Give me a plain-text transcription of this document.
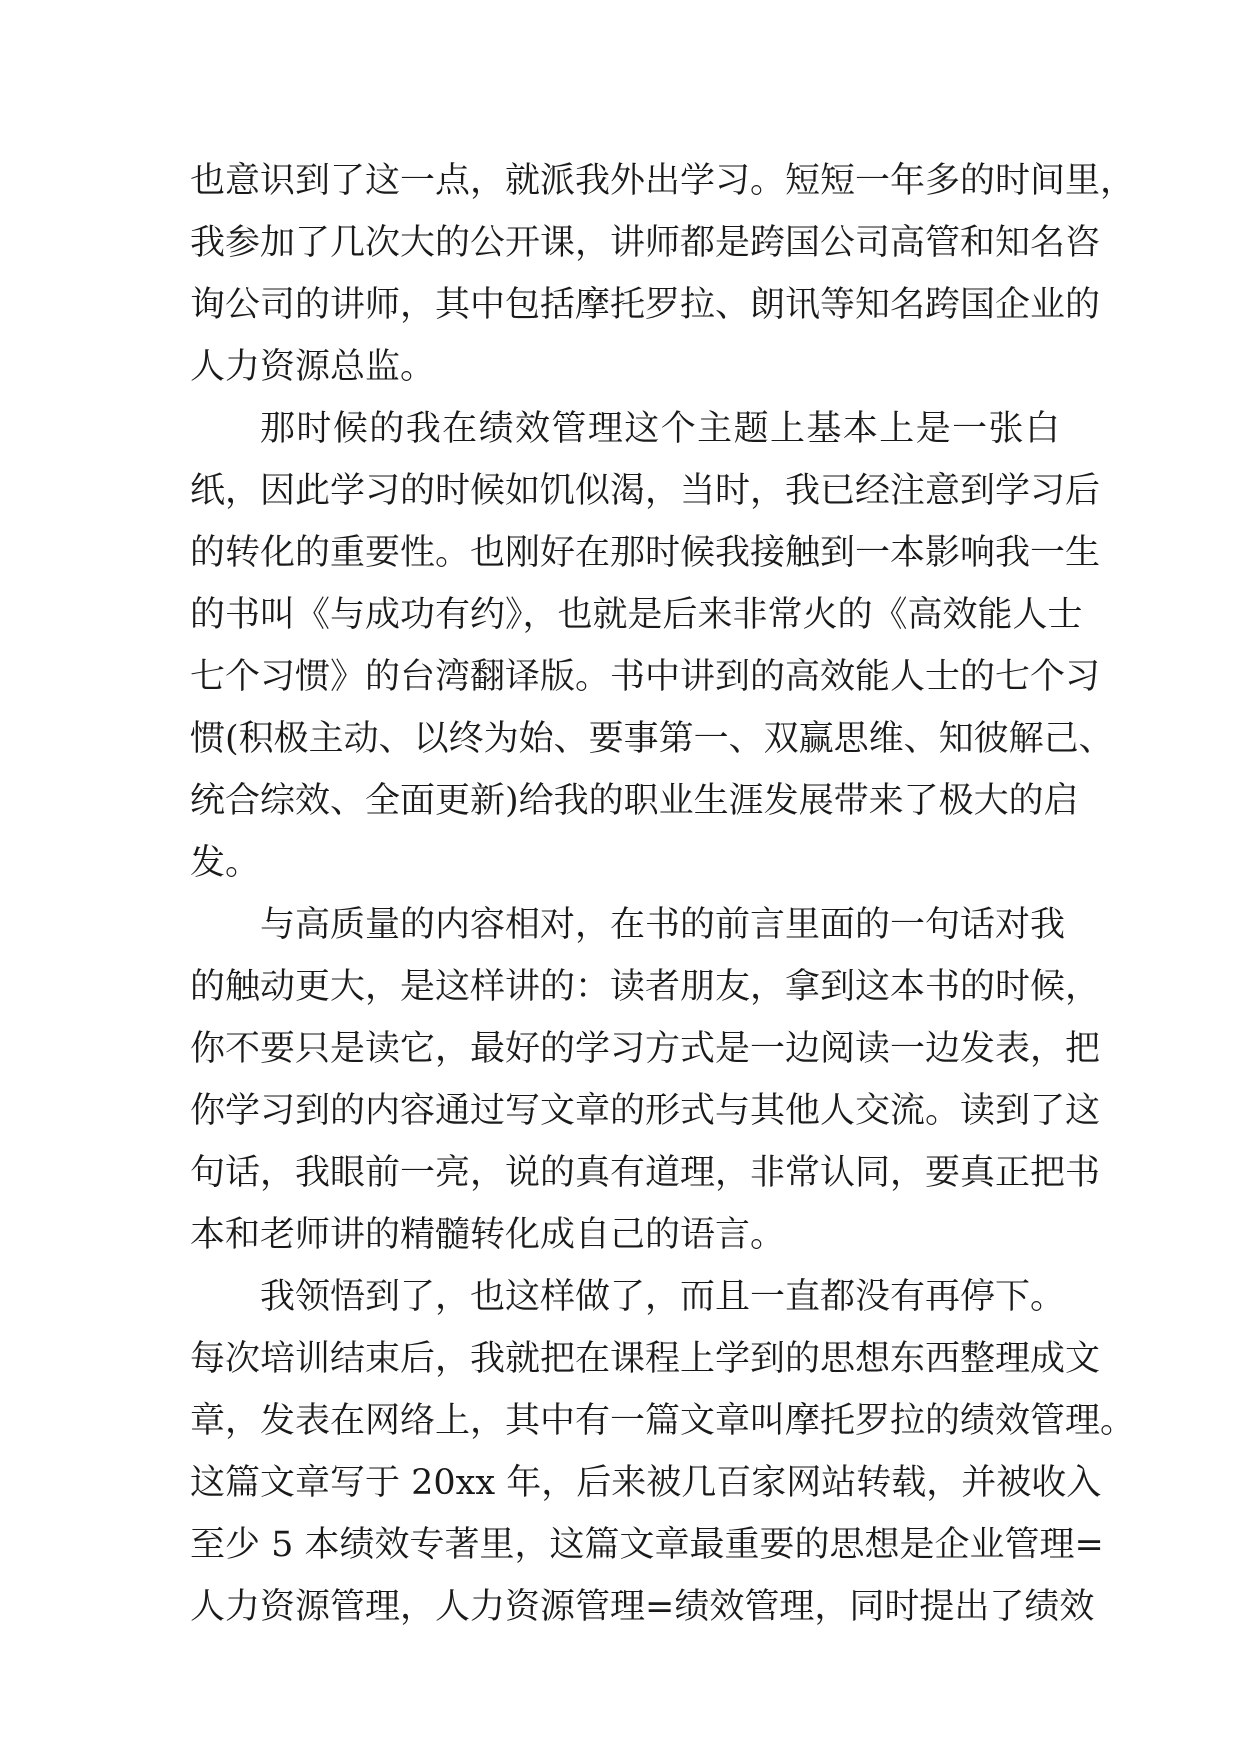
也意识到了这一点，就派我外出学习。短短一年多的时间里，
我参加了几次大的公开课，讲师都是跨国公司高管和知名咨
询公司的讲师，其中包括摩托罗拉、朗讯等知名跨国企业的
人力资源总监。
那时候的我在绩效管理这个主题上基本上是一张白
纸，因此学习的时候如饥似渴，当时，我已经注意到学习后
的转化的重要性。也刚好在那时候我接触到一本影响我一生
的书叫《与成功有约》，也就是后来非常火的《高效能人士
七个习惯》的台湾翻译版。书中讲到的高效能人士的七个习
惯(积极主动、以终为始、要事第一、双赢思维、知彼解己、
统合综效、全面更新)给我的职业生涯发展带来了极大的启
发。
与高质量的内容相对，在书的前言里面的一句话对我
的触动更大，是这样讲的：读者朋友，拿到这本书的时候，
你不要只是读它，最好的学习方式是一边阅读一边发表，把
你学习到的内容通过写文章的形式与其他人交流。读到了这
句话，我眼前一亮，说的真有道理，非常认同，要真正把书
本和老师讲的精髓转化成自己的语言。
我领悟到了，也这样做了，而且一直都没有再停下。
每次培训结束后，我就把在课程上学到的思想东西整理成文
章，发表在网络上，其中有一篇文章叫摩托罗拉的绩效管理。
这篇文章写于 20xx 年，后来被几百家网站转载，并被收入
至少 5 本绩效专著里，这篇文章最重要的思想是企业管理=
人力资源管理，人力资源管理=绩效管理，同时提出了绩效
